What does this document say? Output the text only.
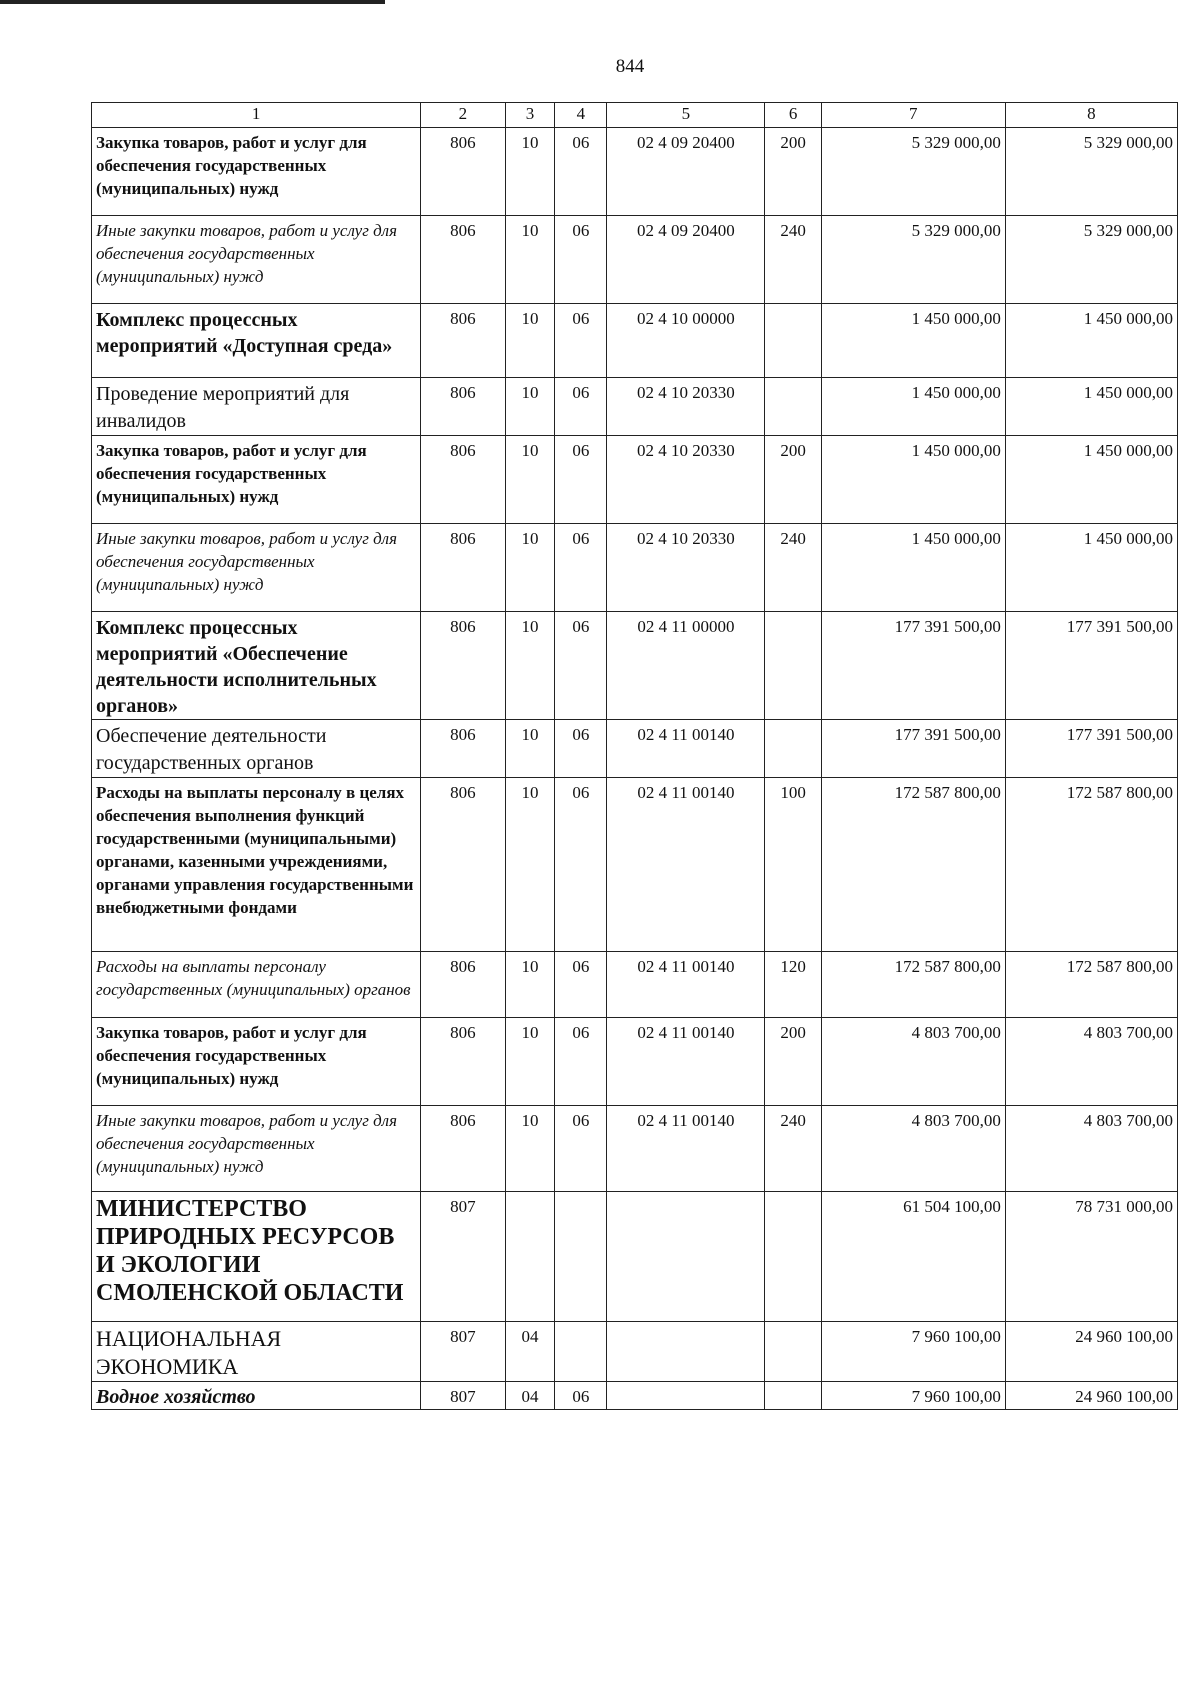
844
1	2	3	4	5	6	7	8
Закупка товаров, работ и услуг для обеспечения государственных (муниципальных) нужд	806	10	06	02 4 09 20400	200	5 329 000,00	5 329 000,00
Иные закупки товаров, работ и услуг для обеспечения государственных (муниципальных) нужд	806	10	06	02 4 09 20400	240	5 329 000,00	5 329 000,00
Комплекс процессных мероприятий «Доступная среда»	806	10	06	02 4 10 00000		1 450 000,00	1 450 000,00
Проведение мероприятий для инвалидов	806	10	06	02 4 10 20330		1 450 000,00	1 450 000,00
Закупка товаров, работ и услуг для обеспечения государственных (муниципальных) нужд	806	10	06	02 4 10 20330	200	1 450 000,00	1 450 000,00
Иные закупки товаров, работ и услуг для обеспечения государственных (муниципальных) нужд	806	10	06	02 4 10 20330	240	1 450 000,00	1 450 000,00
Комплекс процессных мероприятий «Обеспечение деятельности исполнительных органов»	806	10	06	02 4 11 00000		177 391 500,00	177 391 500,00
Обеспечение деятельности государственных органов	806	10	06	02 4 11 00140		177 391 500,00	177 391 500,00
Расходы на выплаты персоналу в целях обеспечения выполнения функций государственными (муниципальными) органами, казенными учреждениями, органами управления государственными внебюджетными фондами	806	10	06	02 4 11 00140	100	172 587 800,00	172 587 800,00
Расходы на выплаты персоналу государственных (муниципальных) органов	806	10	06	02 4 11 00140	120	172 587 800,00	172 587 800,00
Закупка товаров, работ и услуг для обеспечения государственных (муниципальных) нужд	806	10	06	02 4 11 00140	200	4 803 700,00	4 803 700,00
Иные закупки товаров, работ и услуг для обеспечения государственных (муниципальных) нужд	806	10	06	02 4 11 00140	240	4 803 700,00	4 803 700,00
МИНИСТЕРСТВО ПРИРОДНЫХ РЕСУРСОВ И ЭКОЛОГИИ СМОЛЕНСКОЙ ОБЛАСТИ	807					61 504 100,00	78 731 000,00
НАЦИОНАЛЬНАЯ ЭКОНОМИКА	807	04				7 960 100,00	24 960 100,00
Водное хозяйство	807	04	06			7 960 100,00	24 960 100,00
